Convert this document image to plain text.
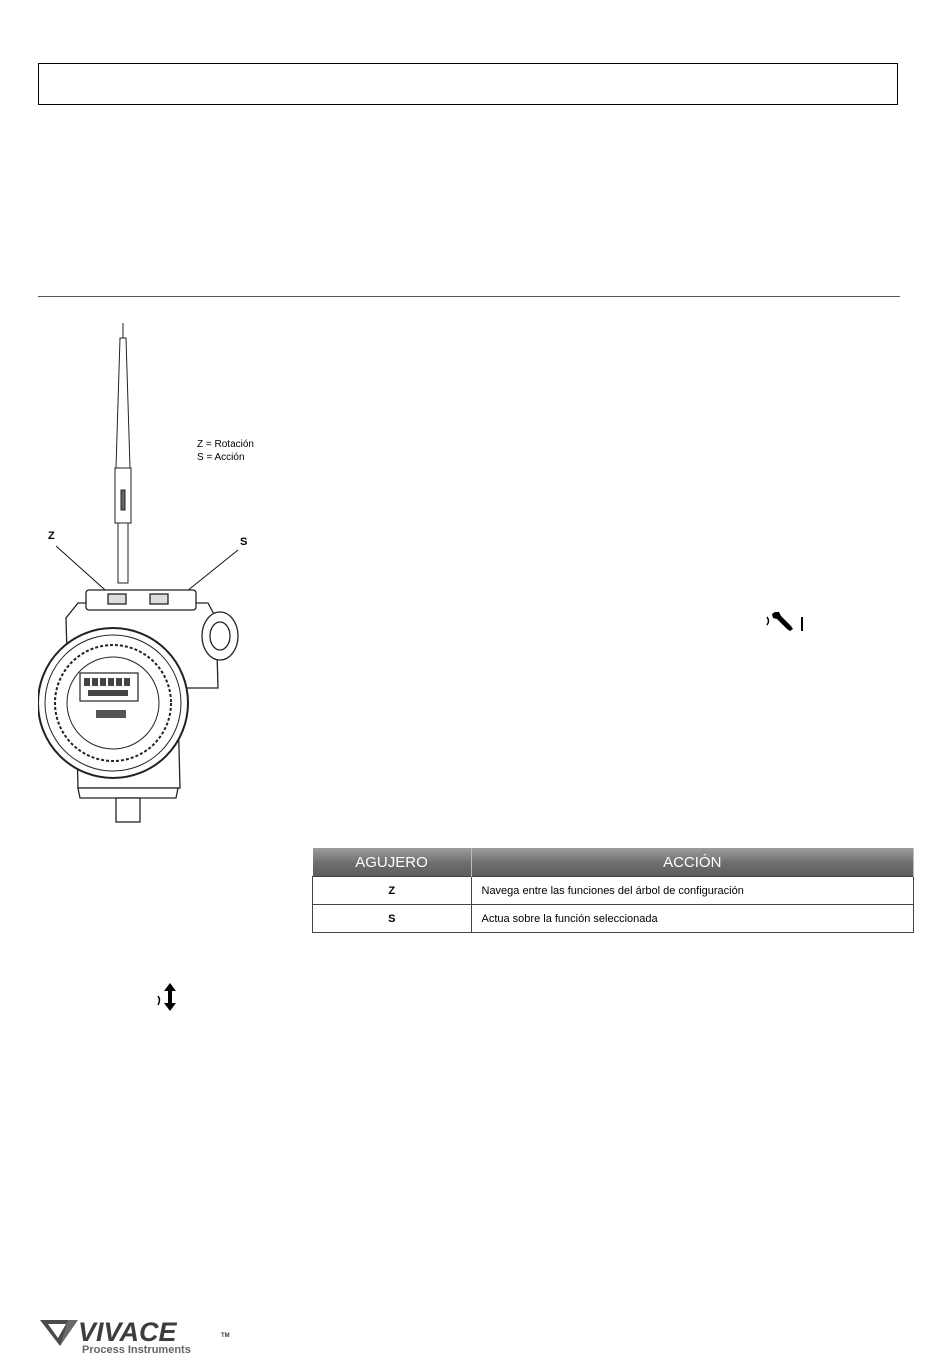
Z = Rotación
S = Acción
Z	S
AGUJERO	ACCIÓN
Z	Navega entre las funciones del árbol de configuración
S	Actua sobre la función seleccionada
VIVACE	TM
Process Instruments
